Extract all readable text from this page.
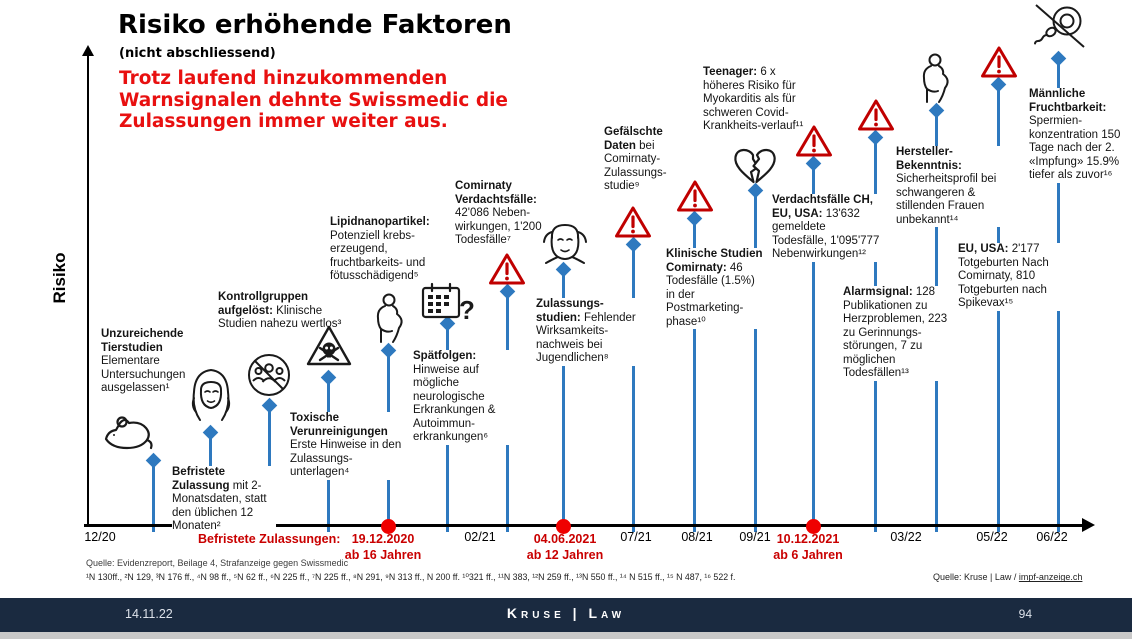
Risiko erhöhende Faktoren
(nicht abschliessend)
Trotz laufend hinzukommenden Warnsignalen dehnte Swissmedic die Zulassungen immer weiter aus.
Risiko
Unzureichende Tierstudien Elementare Untersuchungen ausgelassen¹
Befristete Zulassung mit 2-Monatsdaten, statt den üblichen 12 Monaten²
Kontrollgruppen aufgelöst: Klinische Studien nahezu wertlos³
Toxische Verunreinigungen Erste Hinweise in den Zulassungs-unterlagen⁴
Lipidnanopartikel: Potenziell krebs-erzeugend, fruchtbarkeits- und fötusschädigend⁵
?
Spätfolgen: Hinweise auf mögliche neurologische Erkrankungen & Autoimmun-erkrankungen⁶
Comirnaty Verdachtsfälle: 42'086 Neben-wirkungen, 1'200 Todesfälle⁷
Zulassungs-studien: Fehlender Wirksamkeits-nachweis bei Jugendlichen⁸
Gefälschte Daten bei Comirnaty-Zulassungs-studie⁹
Klinische Studien Comirnaty: 46 Todesfälle (1.5%) in der Postmarketing-phase¹⁰
Teenager: 6 x höheres Risiko für Myokarditis als für schweren Covid-Krankheits-verlauf¹¹
Verdachtsfälle CH, EU, USA: 13'632 gemeldete Todesfälle, 1'095'777 Nebenwirkungen¹²
Alarmsignal: 128 Publikationen zu Herzproblemen, 223 zu Gerinnungs-störungen, 7 zu möglichen Todesfällen¹³
Hersteller-Bekenntnis: Sicherheitsprofil bei schwangeren & stillenden Frauen unbekannt¹⁴
EU, USA: 2'177 Totgeburten Nach Comirnaty, 810 Totgeburten nach Spikevax¹⁵
Männliche Fruchtbarkeit: Spermien-konzentration 150 Tage nach der 2. «Impfung» 15.9% tiefer als zuvor¹⁶
12/20	02/21	07/21 08/21 09/21	03/22	05/22 06/22
Befristete Zulassungen: 19.12.2020
ab 16 Jahren
04.06.2021
ab 12 Jahren
10.12.2021
ab 6 Jahren
Quelle: Evidenzreport, Beilage 4, Strafanzeige gegen Swissmedic
¹N 130ff., ²N 129, ³N 176 ff., ⁴N 98 ff., ⁵N 62 ff., ⁶N 225 ff., ⁷N 225 ff., ⁸N 291, ⁹N 313 ff., N 200 ff. ¹⁰321 ff., ¹¹N 383, ¹²N 259 ff., ¹³N 550 ff., ¹⁴ N 515 ff., ¹⁵ N 487, ¹⁶ 522 f.	Quelle: Kruse | Law / impf-anzeige.ch
14.11.22	Kruse | Law	94
